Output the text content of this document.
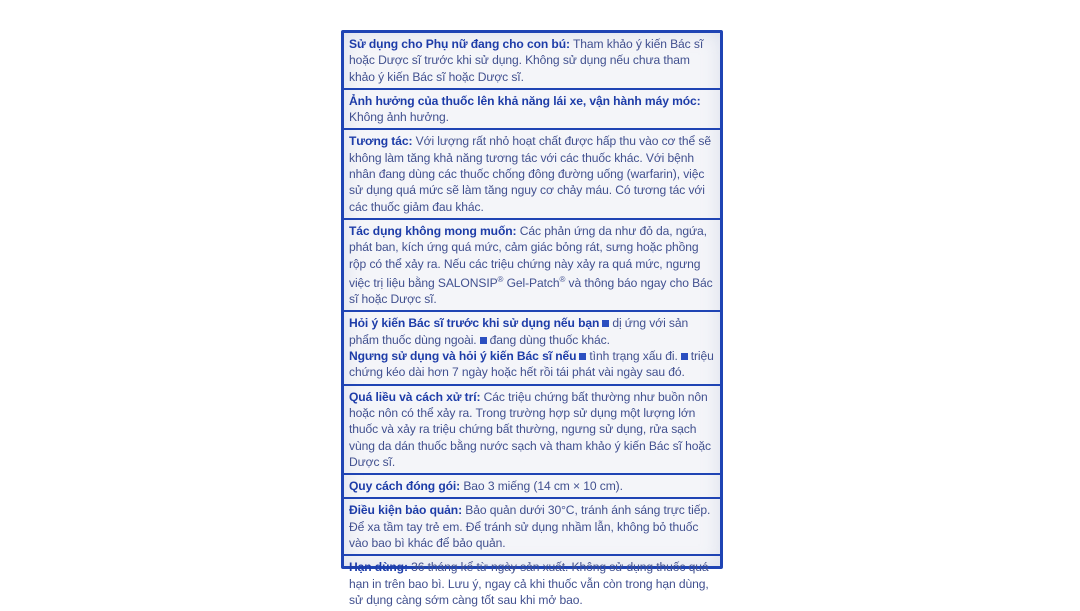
Sử dụng cho Phụ nữ đang cho con bú: Tham khảo ý kiến Bác sĩ hoặc Dược sĩ trước khi sử dụng. Không sử dụng nếu chưa tham khảo ý kiến Bác sĩ hoặc Dược sĩ.
Ảnh hưởng của thuốc lên khả năng lái xe, vận hành máy móc: Không ảnh hưởng.
Tương tác: Với lượng rất nhỏ hoạt chất được hấp thu vào cơ thể sẽ không làm tăng khả năng tương tác với các thuốc khác. Với bệnh nhân đang dùng các thuốc chống đông đường uống (warfarin), việc sử dụng quá mức sẽ làm tăng nguy cơ chảy máu. Có tương tác với các thuốc giảm đau khác.
Tác dụng không mong muốn: Các phản ứng da như đỏ da, ngứa, phát ban, kích ứng quá mức, cảm giác bỏng rát, sưng hoặc phồng rộp có thể xảy ra. Nếu các triệu chứng này xảy ra quá mức, ngưng việc trị liệu bằng SALONSIP® Gel-Patch® và thông báo ngay cho Bác sĩ hoặc Dược sĩ.
Hỏi ý kiến Bác sĩ trước khi sử dụng nếu bạn dị ứng với sản phẩm thuốc dùng ngoài. đang dùng thuốc khác.
Ngưng sử dụng và hỏi ý kiến Bác sĩ nếu tình trạng xấu đi. triệu chứng kéo dài hơn 7 ngày hoặc hết rồi tái phát vài ngày sau đó.
Quá liều và cách xử trí: Các triệu chứng bất thường như buồn nôn hoặc nôn có thể xảy ra. Trong trường hợp sử dụng một lượng lớn thuốc và xảy ra triệu chứng bất thường, ngưng sử dụng, rửa sạch vùng da dán thuốc bằng nước sạch và tham khảo ý kiến Bác sĩ hoặc Dược sĩ.
Quy cách đóng gói: Bao 3 miếng (14 cm × 10 cm).
Điều kiện bảo quản: Bảo quản dưới 30°C, tránh ánh sáng trực tiếp. Để xa tầm tay trẻ em. Để tránh sử dụng nhầm lẫn, không bỏ thuốc vào bao bì khác để bảo quản.
Hạn dùng: 36 tháng kể từ ngày sản xuất. Không sử dụng thuốc quá hạn in trên bao bì. Lưu ý, ngay cả khi thuốc vẫn còn trong hạn dùng, sử dụng càng sớm càng tốt sau khi mở bao.
